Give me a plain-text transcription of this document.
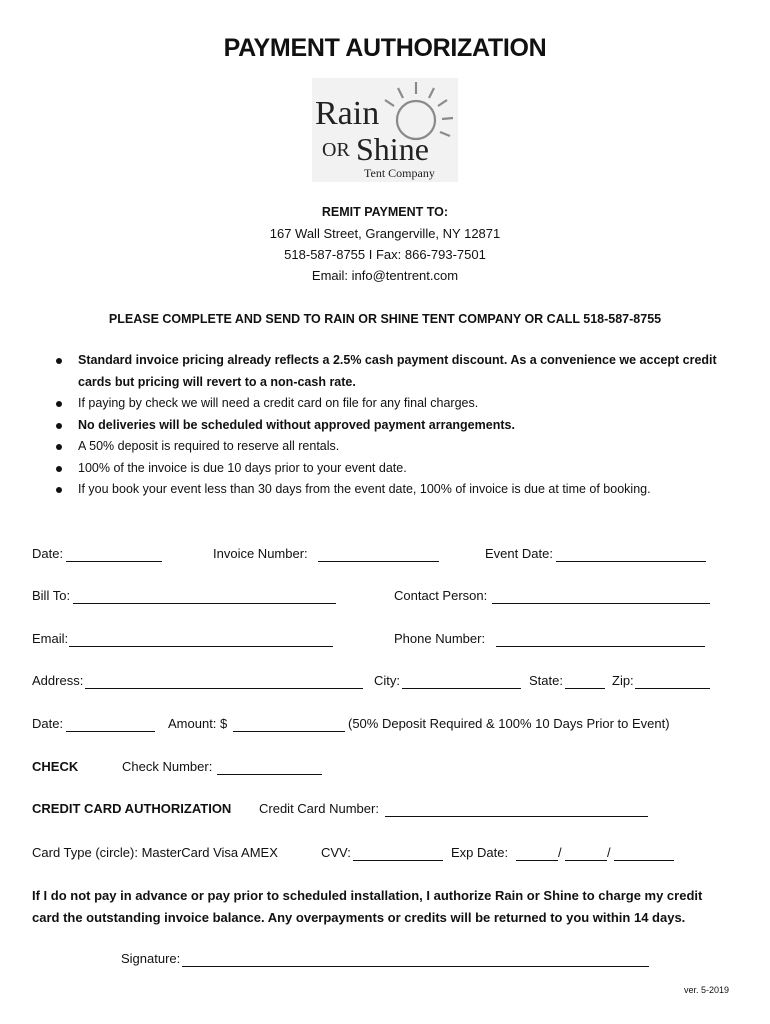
PAYMENT AUTHORIZATION
Rain
OR Shine
Tent Company
REMIT PAYMENT TO:
167 Wall Street, Grangerville, NY 12871
518-587-8755 I Fax: 866-793-7501
Email: info@tentrent.com
PLEASE COMPLETE AND SEND TO RAIN OR SHINE TENT COMPANY OR CALL 518-587-8755
Standard invoice pricing already reflects a 2.5% cash payment discount. As a convenience we accept credit cards but pricing will revert to a non-cash rate.
If paying by check we will need a credit card on file for any final charges.
No deliveries will be scheduled without approved payment arrangements.
A 50% deposit is required to reserve all rentals.
100% of the invoice is due 10 days prior to your event date.
If you book your event less than 30 days from the event date, 100% of invoice is due at time of booking.
Date:	Invoice Number:	Event Date:
Bill To:	Contact Person:
Email:	Phone Number:
Address:	City:	State:	Zip:
Date:	Amount: $	(50% Deposit Required & 100% 10 Days Prior to Event)
CHECK	Check Number:
CREDIT CARD AUTHORIZATION Credit Card Number:
Card Type (circle): MasterCard Visa AMEX	CVV:	Exp Date:	/	/
If I do not pay in advance or pay prior to scheduled installation, I authorize Rain or Shine to charge my credit card the outstanding invoice balance. Any overpayments or credits will be returned to you within 14 days.
Signature:
ver. 5-2019
